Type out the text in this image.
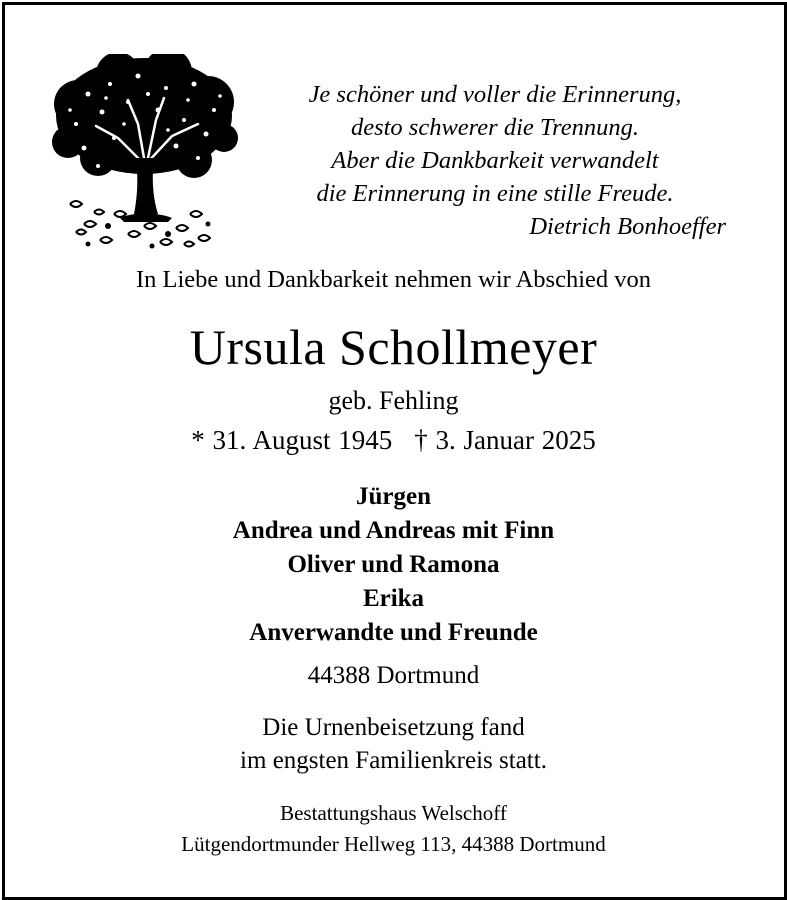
Je schöner und voller die Erinnerung,
desto schwerer die Trennung.
Aber die Dankbarkeit verwandelt
die Erinnerung in eine stille Freude.
Dietrich Bonhoeffer
In Liebe und Dankbarkeit nehmen wir Abschied von
Ursula Schollmeyer
geb. Fehling
* 31. August 1945 † 3. Januar 2025
Jürgen
Andrea und Andreas mit Finn
Oliver und Ramona
Erika
Anverwandte und Freunde
44388 Dortmund
Die Urnenbeisetzung fand
im engsten Familienkreis statt.
Bestattungshaus Welschoff
Lütgendortmunder Hellweg 113, 44388 Dortmund
